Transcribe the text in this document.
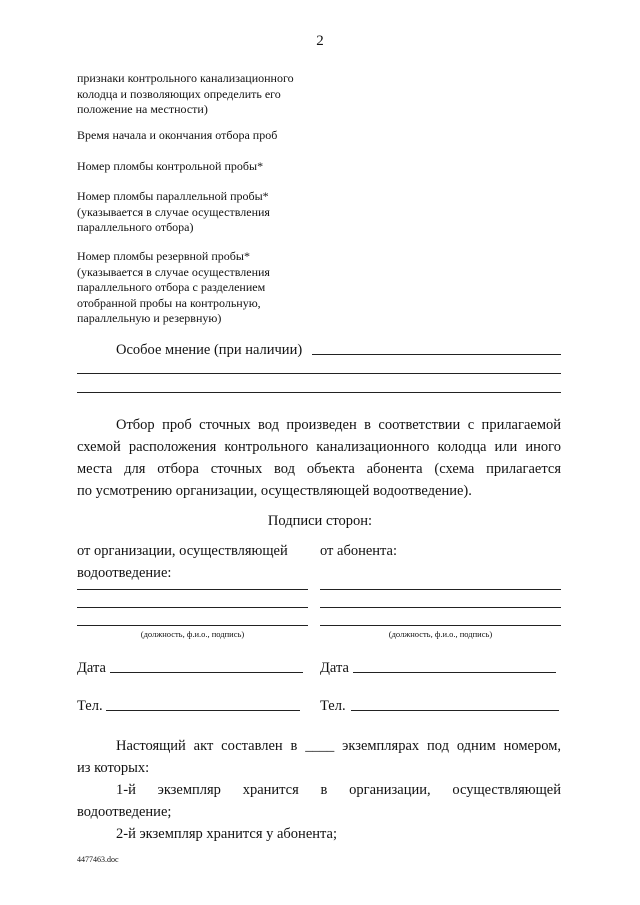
2
признаки контрольного канализационного
колодца и позволяющих определить его
положение на местности)
Время начала и окончания отбора проб
Номер пломбы контрольной пробы*
Номер пломбы параллельной пробы*
(указывается в случае осуществления
параллельного отбора)
Номер пломбы резервной пробы*
(указывается в случае осуществления
параллельного отбора с разделением
отобранной пробы на контрольную,
параллельную и резервную)
Особое мнение (при наличии)
Отбор проб сточных вод произведен в соответствии с прилагаемой
схемой расположения контрольного канализационного колодца или иного
места для отбора сточных вод объекта абонента (схема прилагается
по усмотрению организации, осуществляющей водоотведение).
Подписи сторон:
от организации, осуществляющей
водоотведение:
от абонента:
(должность, ф.и.о., подпись)	(должность, ф.и.о., подпись)
Дата	Дата
Тел.	Тел.
Настоящий акт составлен в ____ экземплярах под одним номером,
из которых:
1-й экземпляр хранится в организации, осуществляющей
водоотведение;
2-й экземпляр хранится у абонента;
4477463.doc
